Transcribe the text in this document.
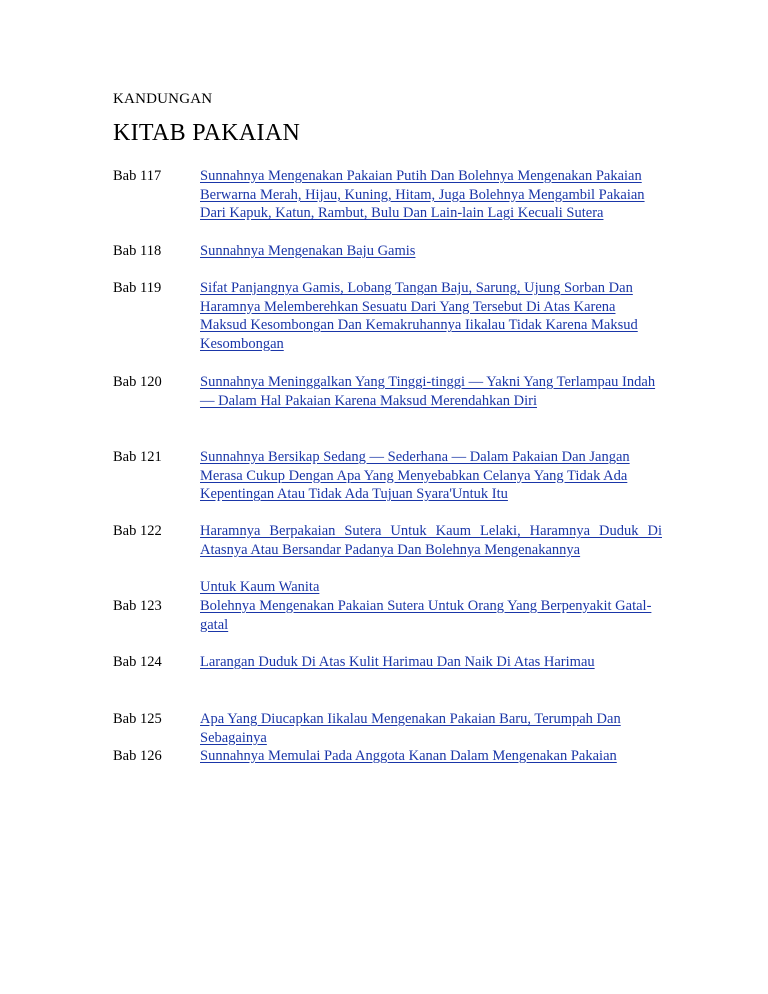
KANDUNGAN
KITAB PAKAIAN
Bab 117	Sunnahnya Mengenakan Pakaian Putih Dan Bolehnya Mengenakan Pakaian Berwarna Merah, Hijau, Kuning, Hitam, Juga Bolehnya Mengambil Pakaian Dari Kapuk, Katun, Rambut, Bulu Dan Lain-lain Lagi Kecuali Sutera
Bab 118	Sunnahnya Mengenakan Baju Gamis
Bab 119	Sifat Panjangnya Gamis, Lobang Tangan Baju, Sarung, Ujung Sorban Dan Haramnya Melemberehkan Sesuatu Dari Yang Tersebut Di Atas Karena Maksud Kesombongan Dan Kemakruhannya Iikalau Tidak Karena Maksud Kesombongan
Bab 120	Sunnahnya Meninggalkan Yang Tinggi-tinggi — Yakni Yang Terlampau Indah — Dalam Hal Pakaian Karena Maksud Merendahkan Diri
Bab 121	Sunnahnya Bersikap Sedang — Sederhana — Dalam Pakaian Dan Jangan Merasa Cukup Dengan Apa Yang Menyebabkan Celanya Yang Tidak Ada Kepentingan Atau Tidak Ada Tujuan Syara'Untuk Itu
Bab 122	Haramnya Berpakaian Sutera Untuk Kaum Lelaki, Haramnya Duduk Di Atasnya Atau Bersandar Padanya Dan Bolehnya Mengenakannya
Untuk Kaum Wanita
Bab 123	Bolehnya Mengenakan Pakaian Sutera Untuk Orang Yang Berpenyakit Gatal-gatal
Bab 124	Larangan Duduk Di Atas Kulit Harimau Dan Naik Di Atas Harimau
Bab 125	Apa Yang Diucapkan Iikalau Mengenakan Pakaian Baru, Terumpah Dan Sebagainya
Bab 126	Sunnahnya Memulai Pada Anggota Kanan Dalam Mengenakan Pakaian
